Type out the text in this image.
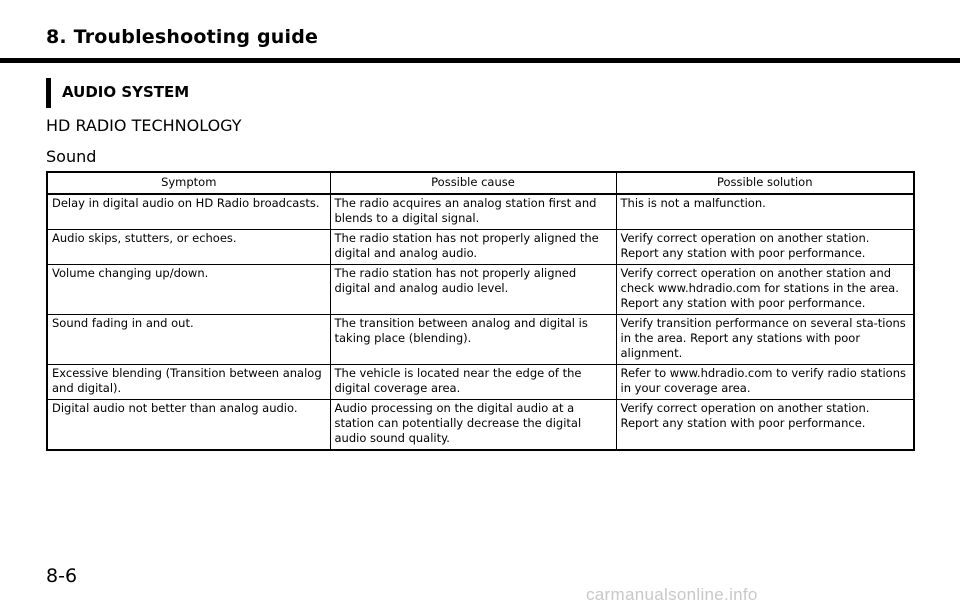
8. Troubleshooting guide
AUDIO SYSTEM
HD RADIO TECHNOLOGY
Sound
Symptom	Possible cause	Possible solution
Delay in digital audio on HD Radio broadcasts.	The radio acquires an analog station first and blends to a digital signal.	This is not a malfunction.
Audio skips, stutters, or echoes.	The radio station has not properly aligned the digital and analog audio.	Verify correct operation on another station. Report any station with poor performance.
Volume changing up/down.	The radio station has not properly aligned digital and analog audio level.	Verify correct operation on another station and check www.hdradio.com for stations in the area. Report any station with poor performance.
Sound fading in and out.	The transition between analog and digital is taking place (blending).	Verify transition performance on several sta-tions in the area. Report any stations with poor alignment.
Excessive blending (Transition between analog and digital).	The vehicle is located near the edge of the digital coverage area.	Refer to www.hdradio.com to verify radio stations in your coverage area.
Digital audio not better than analog audio.	Audio processing on the digital audio at a station can potentially decrease the digital audio sound quality.	Verify correct operation on another station. Report any station with poor performance.
8-6
carmanualsonline.info
